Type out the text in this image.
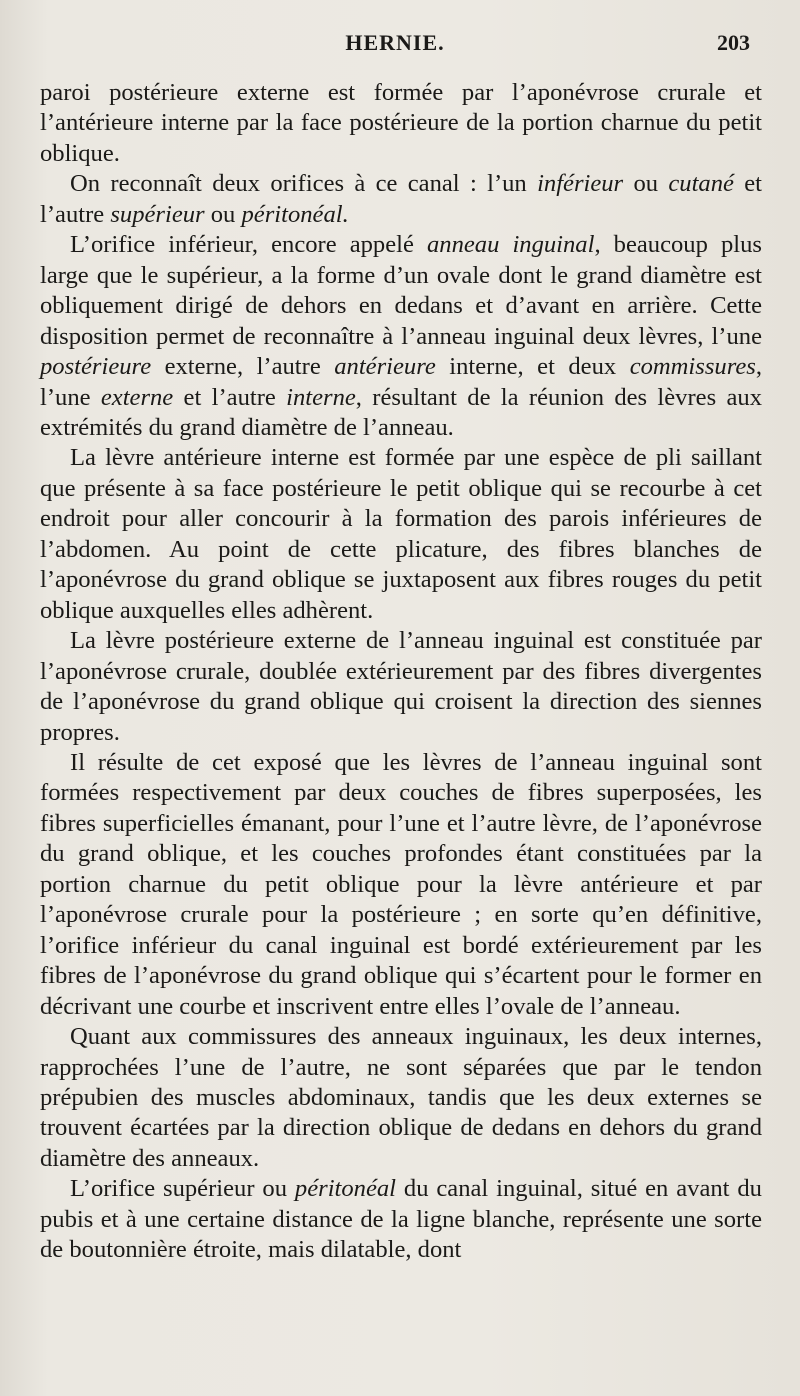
HERNIE.	203

paroi postérieure externe est formée par l’aponévrose crurale et l’antérieure interne par la face postérieure de la portion charnue du petit oblique.

On reconnaît deux orifices à ce canal : l’un inférieur ou cutané et l’autre supérieur ou péritonéal.

L’orifice inférieur, encore appelé anneau inguinal, beaucoup plus large que le supérieur, a la forme d’un ovale dont le grand diamètre est obliquement dirigé de dehors en dedans et d’avant en arrière. Cette disposition permet de reconnaître à l’anneau inguinal deux lèvres, l’une postérieure externe, l’autre antérieure interne, et deux commissures, l’une externe et l’autre interne, résultant de la réunion des lèvres aux extrémités du grand diamètre de l’anneau.

La lèvre antérieure interne est formée par une espèce de pli saillant que présente à sa face postérieure le petit oblique qui se recourbe à cet endroit pour aller concourir à la formation des parois inférieures de l’abdomen. Au point de cette plicature, des fibres blanches de l’aponévrose du grand oblique se juxtaposent aux fibres rouges du petit oblique auxquelles elles adhèrent.

La lèvre postérieure externe de l’anneau inguinal est constituée par l’aponévrose crurale, doublée extérieurement par des fibres divergentes de l’aponévrose du grand oblique qui croisent la direction des siennes propres.

Il résulte de cet exposé que les lèvres de l’anneau inguinal sont formées respectivement par deux couches de fibres superposées, les fibres superficielles émanant, pour l’une et l’autre lèvre, de l’aponévrose du grand oblique, et les couches profondes étant constituées par la portion charnue du petit oblique pour la lèvre antérieure et par l’aponévrose crurale pour la postérieure ; en sorte qu’en définitive, l’orifice inférieur du canal inguinal est bordé extérieurement par les fibres de l’aponévrose du grand oblique qui s’écartent pour le former en décrivant une courbe et inscrivent entre elles l’ovale de l’anneau.

Quant aux commissures des anneaux inguinaux, les deux internes, rapprochées l’une de l’autre, ne sont séparées que par le tendon prépubien des muscles abdominaux, tandis que les deux externes se trouvent écartées par la direction oblique de dedans en dehors du grand diamètre des anneaux.

L’orifice supérieur ou péritonéal du canal inguinal, situé en avant du pubis et à une certaine distance de la ligne blanche, représente une sorte de boutonnière étroite, mais dilatable, dont
